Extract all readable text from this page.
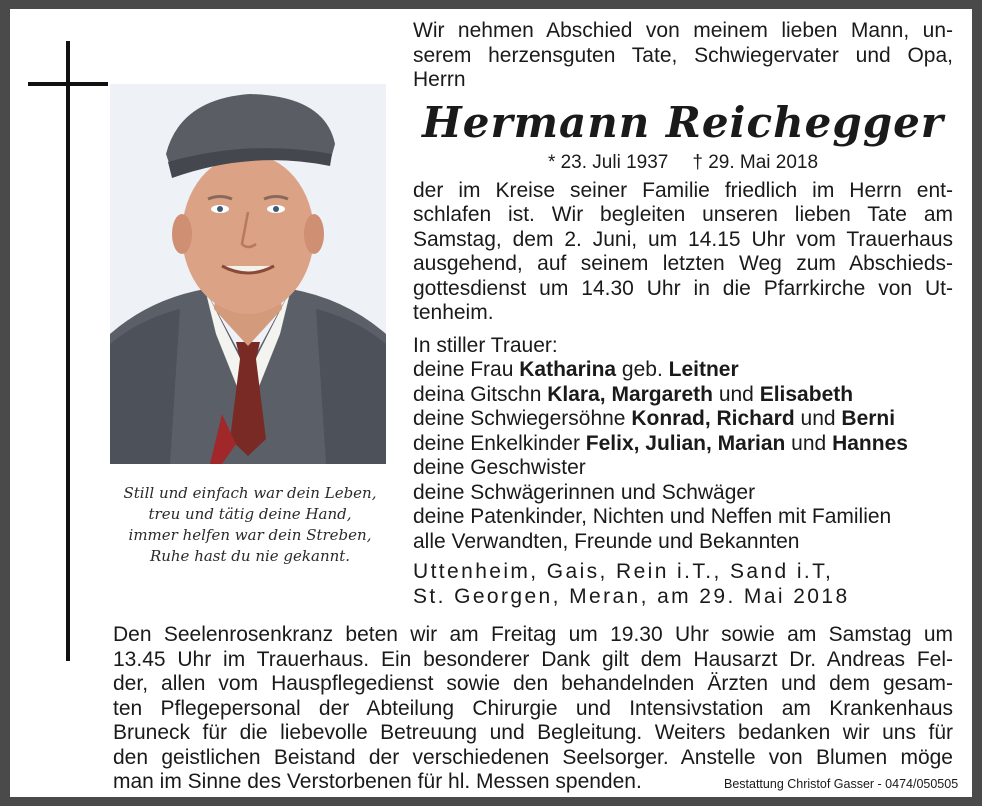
Still und einfach war dein Leben,
treu und tätig deine Hand,
immer helfen war dein Streben,
Ruhe hast du nie gekannt.
Wir nehmen Abschied von meinem lieben Mann, un-
serem herzensguten Tate, Schwiegervater und Opa,
Herrn
Hermann Reichegger
* 23. Juli 1937 † 29. Mai 2018
der im Kreise seiner Familie friedlich im Herrn ent-
schlafen ist. Wir begleiten unseren lieben Tate am
Samstag, dem 2. Juni, um 14.15 Uhr vom Trauerhaus
ausgehend, auf seinem letzten Weg zum Abschieds-
gottesdienst um 14.30 Uhr in die Pfarrkirche von Ut-
tenheim.
In stiller Trauer:
deine Frau Katharina geb. Leitner
deina Gitschn Klara, Margareth und Elisabeth
deine Schwiegersöhne Konrad, Richard und Berni
deine Enkelkinder Felix, Julian, Marian und Hannes
deine Geschwister
deine Schwägerinnen und Schwäger
deine Patenkinder, Nichten und Neffen mit Familien
alle Verwandten, Freunde und Bekannten
Uttenheim, Gais, Rein i.T., Sand i.T,
St. Georgen, Meran, am 29. Mai 2018
Den Seelenrosenkranz beten wir am Freitag um 19.30 Uhr sowie am Samstag um
13.45 Uhr im Trauerhaus. Ein besonderer Dank gilt dem Hausarzt Dr. Andreas Fel-
der, allen vom Hauspflegedienst sowie den behandelnden Ärzten und dem gesam-
ten Pflegepersonal der Abteilung Chirurgie und Intensivstation am Krankenhaus
Bruneck für die liebevolle Betreuung und Begleitung. Weiters bedanken wir uns für
den geistlichen Beistand der verschiedenen Seelsorger. Anstelle von Blumen möge
man im Sinne des Verstorbenen für hl. Messen spenden.	Bestattung Christof Gasser - 0474/050505
